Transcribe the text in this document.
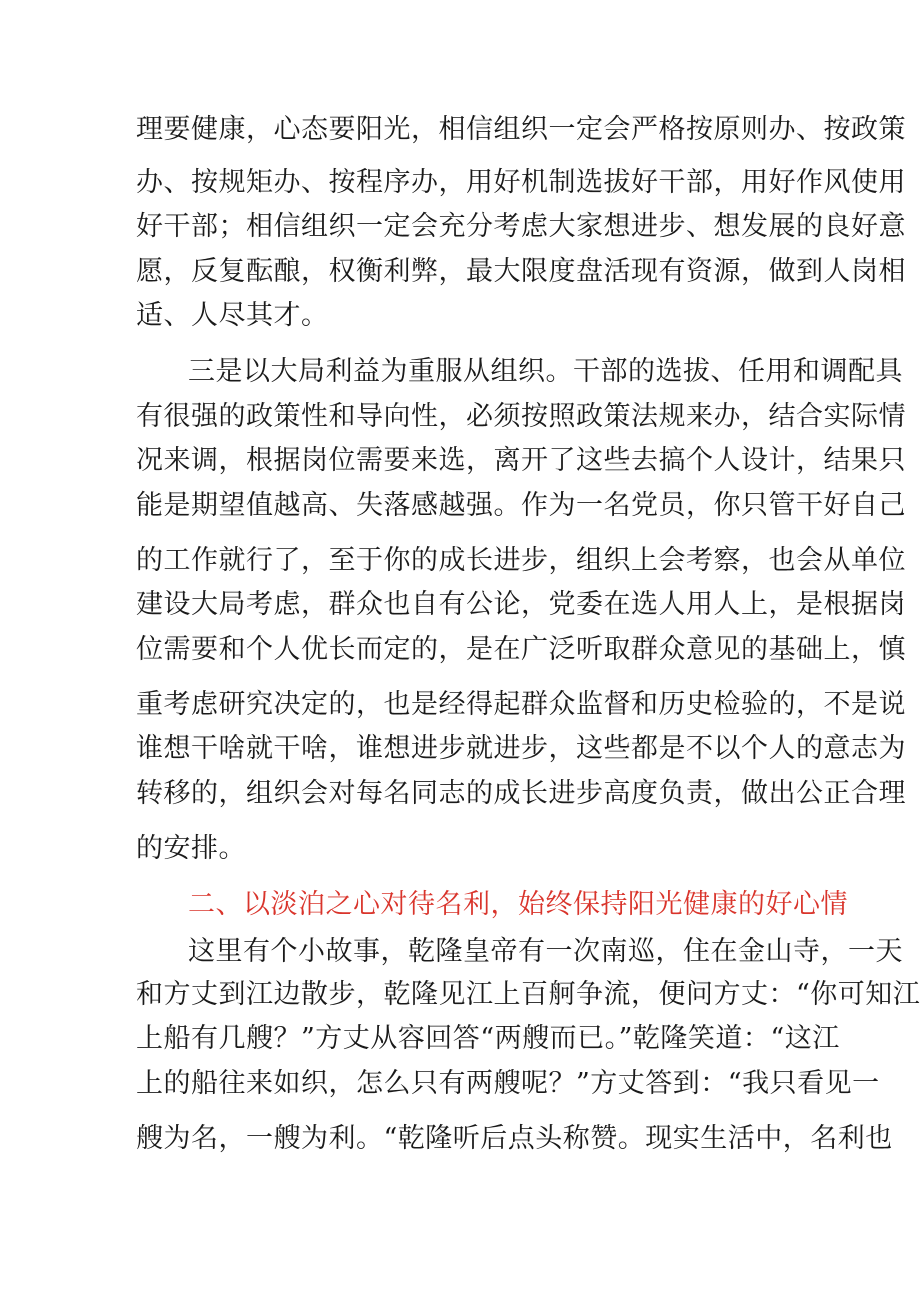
理要健康，心态要阳光，相信组织一定会严格按原则办、按政策
办、按规矩办、按程序办，用好机制选拔好干部，用好作风使用
好干部；相信组织一定会充分考虑大家想进步、想发展的良好意
愿，反复酝酿，权衡利弊，最大限度盘活现有资源，做到人岗相
适、人尽其才。
三是以大局利益为重服从组织。干部的选拔、任用和调配具
有很强的政策性和导向性，必须按照政策法规来办，结合实际情
况来调，根据岗位需要来选，离开了这些去搞个人设计，结果只
能是期望值越高、失落感越强。作为一名党员，你只管干好自己
的工作就行了，至于你的成长进步，组织上会考察，也会从单位
建设大局考虑，群众也自有公论，党委在选人用人上，是根据岗
位需要和个人优长而定的，是在广泛听取群众意见的基础上，慎
重考虑研究决定的，也是经得起群众监督和历史检验的，不是说
谁想干啥就干啥，谁想进步就进步，这些都是不以个人的意志为
转移的，组织会对每名同志的成长进步高度负责，做出公正合理
的安排。
二、以淡泊之心对待名利，始终保持阳光健康的好心情
这里有个小故事，乾隆皇帝有一次南巡，住在金山寺，一天
和方丈到江边散步，乾隆见江上百舸争流，便问方丈：“你可知江
上船有几艘？”方丈从容回答“两艘而已。”乾隆笑道：“这江
上的船往来如织，怎么只有两艘呢？”方丈答到：“我只看见一
艘为名，一艘为利。“乾隆听后点头称赞。现实生活中，名利也
